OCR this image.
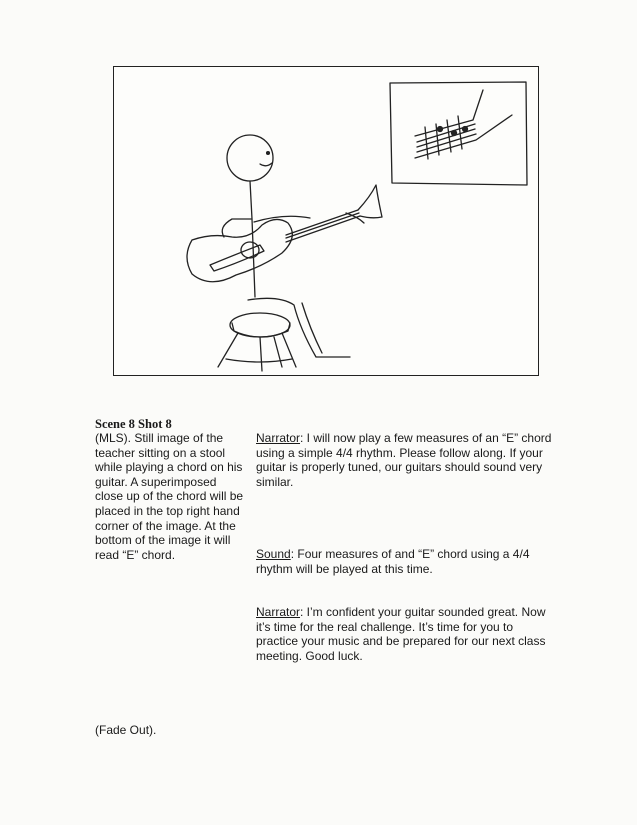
Scene 8 Shot 8
(MLS). Still image of the teacher sitting on a stool while playing a chord on his guitar. A superimposed close up of the chord will be placed in the top right hand corner of the image. At the bottom of the image it will read “E” chord.
Narrator: I will now play a few measures of an “E” chord using a simple 4/4 rhythm. Please follow along. If your guitar is properly tuned, our guitars should sound very similar.
Sound: Four measures of and “E” chord using a 4/4 rhythm will be played at this time.
Narrator: I’m confident your guitar sounded great. Now it’s time for the real challenge. It’s time for you to practice your music and be prepared for our next class meeting. Good luck.
(Fade Out).
